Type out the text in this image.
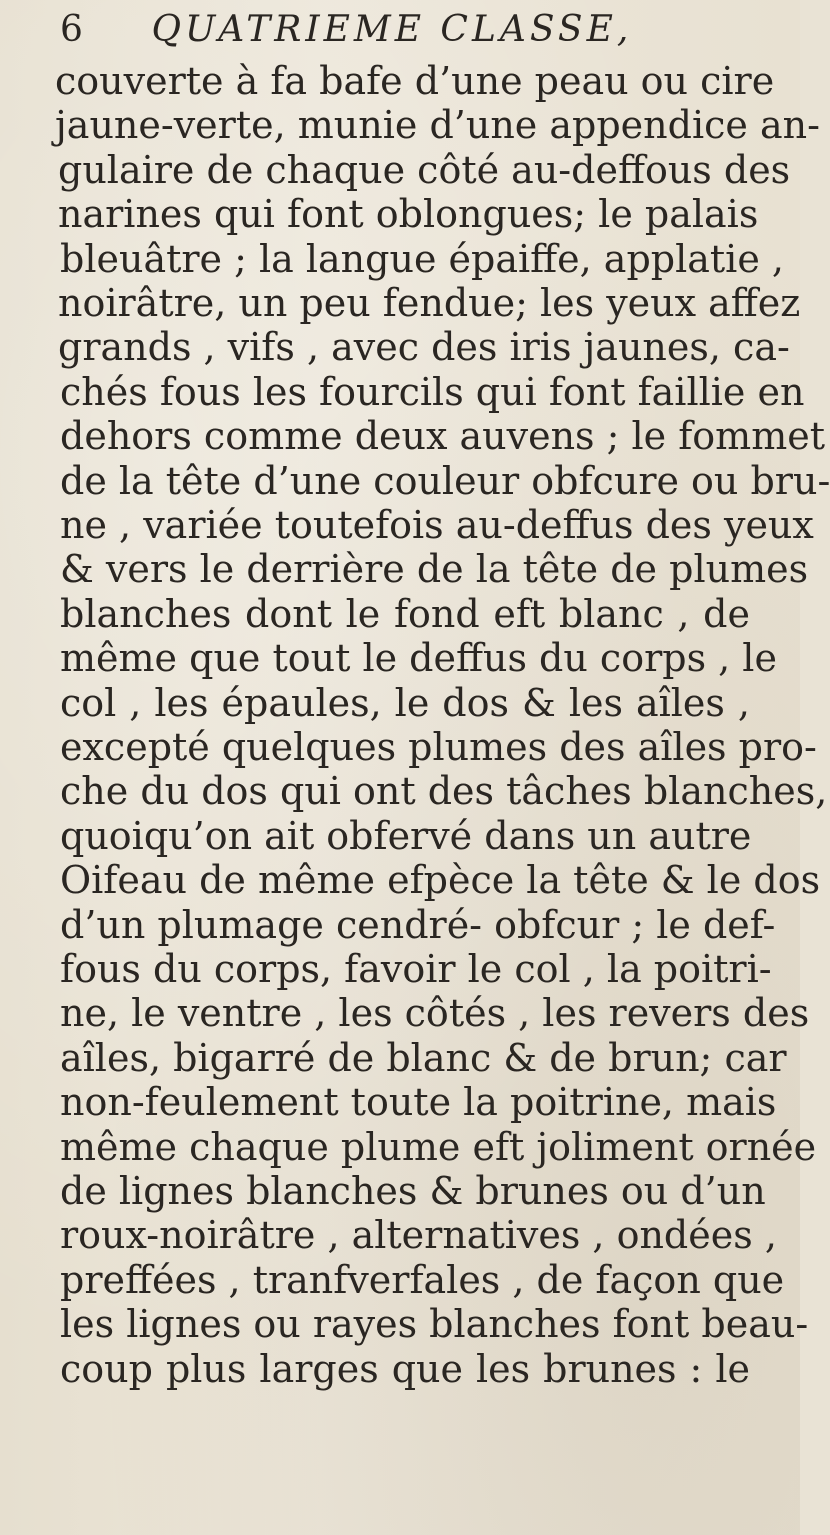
6 QUATRIEME CLASSE,
couverte à fa bafe d’une peau ou cire
jaune-verte, munie d’une appendice an-
gulaire de chaque côté au-deffous des
narines qui font oblongues; le palais
bleuâtre ; la langue épaiffe, applatie ,
noirâtre, un peu fendue; les yeux affez
grands , vifs , avec des iris jaunes, ca-
chés fous les fourcils qui font faillie en
dehors comme deux auvens ; le fommet
de la tête d’une couleur obfcure ou bru-
ne , variée toutefois au-deffus des yeux
& vers le derrière de la tête de plumes
blanches dont le fond eft blanc , de
même que tout le deffus du corps , le
col , les épaules, le dos & les aîles ,
excepté quelques plumes des aîles pro-
che du dos qui ont des tâches blanches,
quoiqu’on ait obfervé dans un autre
Oifeau de même efpèce la tête & le dos
d’un plumage cendré- obfcur ; le def-
fous du corps, favoir le col , la poitri-
ne, le ventre , les côtés , les revers des
aîles, bigarré de blanc & de brun; car
non-feulement toute la poitrine, mais
même chaque plume eft joliment ornée
de lignes blanches & brunes ou d’un
roux-noirâtre , alternatives , ondées ,
preffées , tranfverfales , de façon que
les lignes ou rayes blanches font beau-
coup plus larges que les brunes : le
